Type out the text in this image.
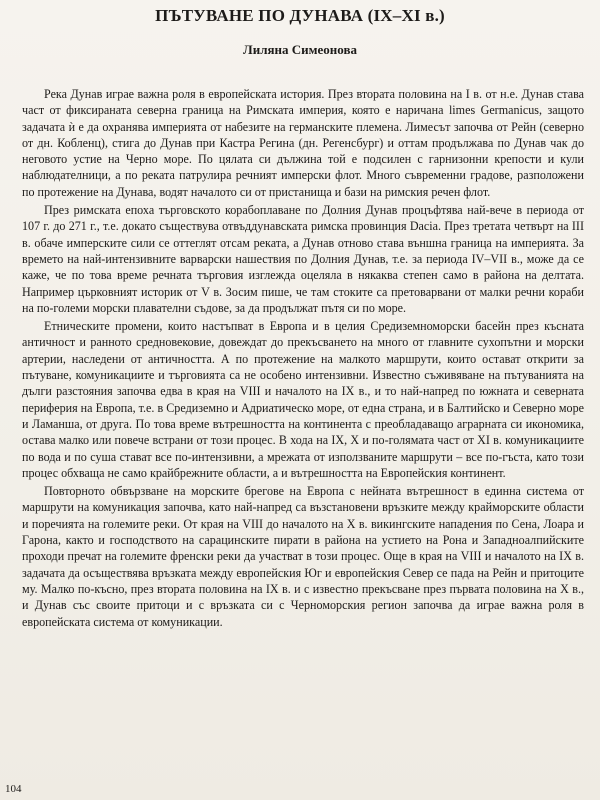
ПЪТУВАНЕ ПО ДУНАВА (IX–XI в.)
Лиляна Симеонова

Река Дунав играе важна роля в европейската история. През втората половина на I в. от н.е. Дунав става част от фиксираната северна граница на Римската империя, която е наричана limes Germanicus, защото задачата ѝ е да охранява империята от набезите на германските племена. Лимесът започва от Рейн (северно от дн. Кобленц), стига до Дунав при Кастра Регина (дн. Регенсбург) и оттам продължава по Дунав чак до неговото устие на Черно море. По цялата си дължина той е подсилен с гарнизонни крепости и кули наблюдателници, а по реката патрулира речният имперски флот. Много съвременни градове, разположени по протежение на Дунава, водят началото си от пристанища и бази на римския речен флот.

През римската епоха търговското корабоплаване по Долния Дунав процъфтява най-вече в периода от 107 г. до 271 г., т.е. докато съществува отвъддунавската римска провинция Dacia. През третата четвърт на III в. обаче имперските сили се оттеглят отсам реката, а Дунав отново става външна граница на империята. За времето на най-интензивните варварски нашествия по Долния Дунав, т.е. за периода IV–VII в., може да се каже, че по това време речната търговия изглежда оцеляла в някаква степен само в района на делтата. Например църковният историк от V в. Зосим пише, че там стоките са претоварвани от малки речни кораби на по-големи морски плавателни съдове, за да продължат пътя си по море.

Етническите промени, които настъпват в Европа и в целия Средиземноморски басейн през късната античност и ранното средновековие, довеждат до прекъсването на много от главните сухопътни и морски артерии, наследени от античността. А по протежение на малкото маршрути, които остават открити за пътуване, комуникациите и търговията са не особено интензивни. Известно съживяване на пътуванията на дълги разстояния започва едва в края на VIII и началото на IX в., и то най-напред по южната и северната периферия на Европа, т.е. в Средиземно и Адриатическо море, от една страна, и в Балтийско и Северно море и Ламанша, от друга. По това време вътрешността на континента с преобладаващо аграрната си икономика, остава малко или повече встрани от този процес. В хода на IX, X и по-голямата част от XI в. комуникациите по вода и по суша стават все по-интензивни, а мрежата от използваните маршрути – все по-гъста, като този процес обхваща не само крайбрежните области, а и вътрешността на Европейския континент.

Повторното обвързване на морските брегове на Европа с нейната вътрешност в единна система от маршрути на комуникация започва, като най-напред са възстановени връзките между крайморските области и поречията на големите реки. От края на VIII до началото на X в. викингските нападения по Сена, Лоара и Гарона, както и господството на сарацинските пирати в района на устието на Рона и Западноалпийските проходи пречат на големите френски реки да участват в този процес. Още в края на VIII и началото на IX в. задачата да осъществява връзката между европейския Юг и европейския Север се пада на Рейн и притоците му. Малко по-късно, през втората половина на IX в. и с известно прекъсване през първата половина на X в., и Дунав със своите притоци и с връзката си с Черноморския регион започва да играе важна роля в европейската система от комуникации.

104
